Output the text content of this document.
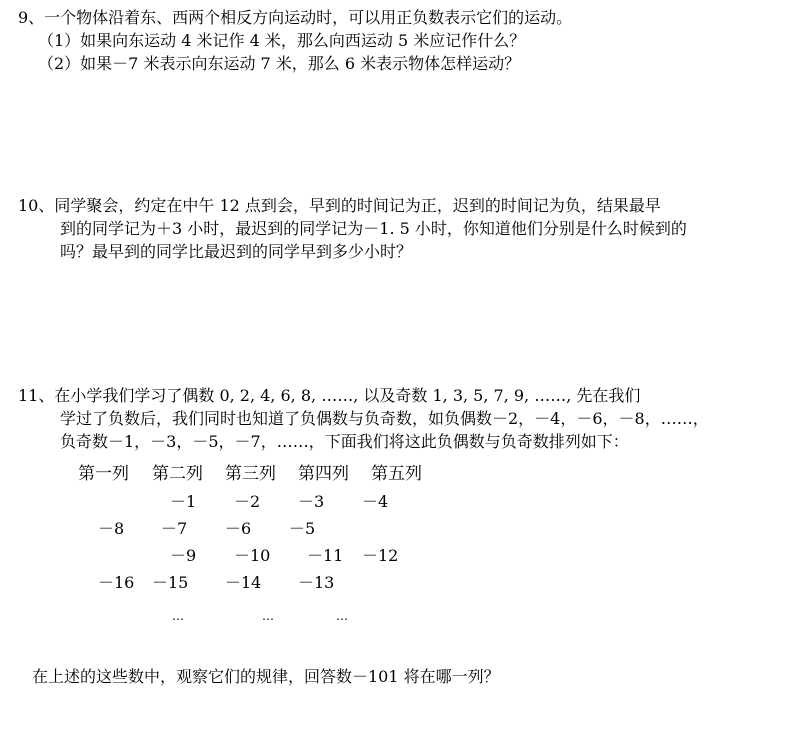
9、一个物体沿着东、西两个相反方向运动时，可以用正负数表示它们的运动。
（1）如果向东运动 4 米记作 4 米，那么向西运动 5 米应记作什么？
（2）如果－7 米表示向东运动 7 米，那么 6 米表示物体怎样运动？
10、同学聚会，约定在中午 12 点到会，早到的时间记为正，迟到的时间记为负，结果最早
到的同学记为＋3 小时，最迟到的同学记为－1. 5 小时，你知道他们分别是什么时候到的
吗？最早到的同学比最迟到的同学早到多少小时？
11、在小学我们学习了偶数 0, 2, 4, 6, 8, ……, 以及奇数 1, 3, 5, 7, 9, ……, 先在我们
学过了负数后，我们同时也知道了负偶数与负奇数，如负偶数－2，－4，－6，－8，……，
负奇数－1，－3，－5，－7，……，下面我们将这此负偶数与负奇数排列如下：
第一列 第二列 第三列 第四列 第五列
－1 －2 －3 －4
－8 －7 －6 －5
－9 －10 －11 －12
－16 －15 －14 －13
…	…	…
在上述的这些数中，观察它们的规律，回答数－101 将在哪一列？
